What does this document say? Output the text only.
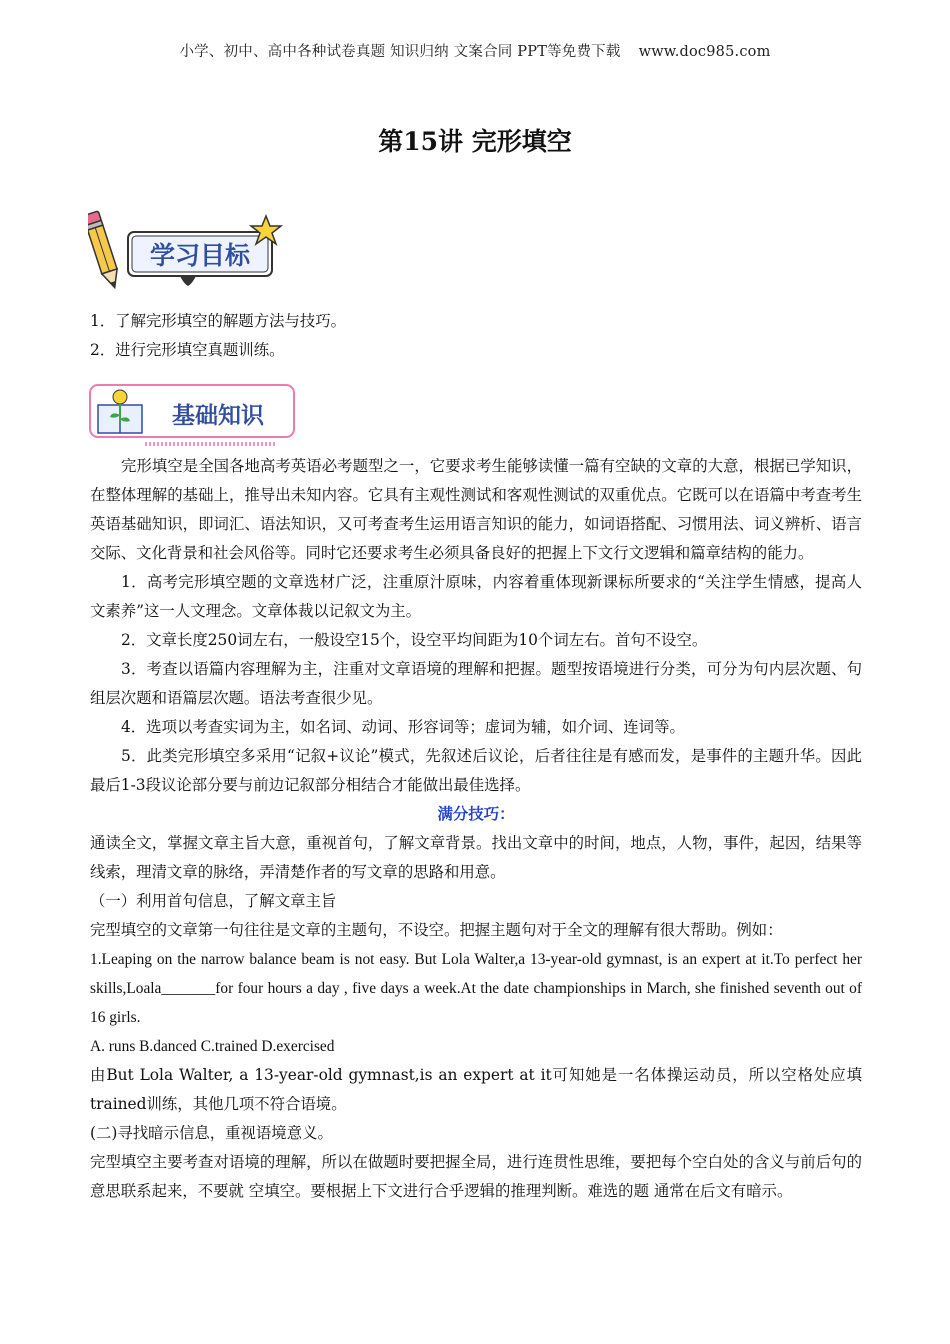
小学、初中、高中各种试卷真题 知识归纳 文案合同 PPT等免费下载 www.doc985.com
第15讲 完形填空
学习目标

1．了解完形填空的解题方法与技巧。

2．进行完形填空真题训练。

基础知识

完形填空是全国各地高考英语必考题型之一，它要求考生能够读懂一篇有空缺的文章的大意，根据已学知识，在整体理解的基础上，推导出未知内容。它具有主观性测试和客观性测试的双重优点。它既可以在语篇中考查考生英语基础知识，即词汇、语法知识，又可考查考生运用语言知识的能力，如词语搭配、习惯用法、词义辨析、语言交际、文化背景和社会风俗等。同时它还要求考生必须具备良好的把握上下文行文逻辑和篇章结构的能力。

1．高考完形填空题的文章选材广泛，注重原汁原味，内容着重体现新课标所要求的“关注学生情感，提高人文素养”这一人文理念。文章体裁以记叙文为主。

2．文章长度250词左右，一般设空15个，设空平均间距为10个词左右。首句不设空。

3．考查以语篇内容理解为主，注重对文章语境的理解和把握。题型按语境进行分类，可分为句内层次题、句组层次题和语篇层次题。语法考查很少见。

4．选项以考查实词为主，如名词、动词、形容词等；虚词为辅，如介词、连词等。

5．此类完形填空多采用“记叙+议论”模式，先叙述后议论，后者往往是有感而发，是事件的主题升华。因此最后1-3段议论部分要与前边记叙部分相结合才能做出最佳选择。

满分技巧：

通读全文，掌握文章主旨大意，重视首句，了解文章背景。找出文章中的时间，地点，人物，事件，起因，结果等线索，理清文章的脉络，弄清楚作者的写文章的思路和用意。

（一）利用首句信息，了解文章主旨

完型填空的文章第一句往往是文章的主题句，不设空。把握主题句对于全文的理解有很大帮助。例如：

1.Leaping on the narrow balance beam is not easy. But Lola Walter,a 13-year-old gymnast, is an expert at it.To perfect her skills,Loala_______for four hours a day , five days a week.At the date championships in March, she finished seventh out of 16 girls.

A. runs B.danced C.trained D.exercised

由But Lola Walter, a 13-year-old gymnast,is an expert at it可知她是一名体操运动员，所以空格处应填trained训练，其他几项不符合语境。

(二)寻找暗示信息，重视语境意义。

完型填空主要考查对语境的理解，所以在做题时要把握全局，进行连贯性思维，要把每个空白处的含义与前后句的意思联系起来，不要就 空填空。要根据上下文进行合乎逻辑的推理判断。难选的题 通常在后文有暗示。
